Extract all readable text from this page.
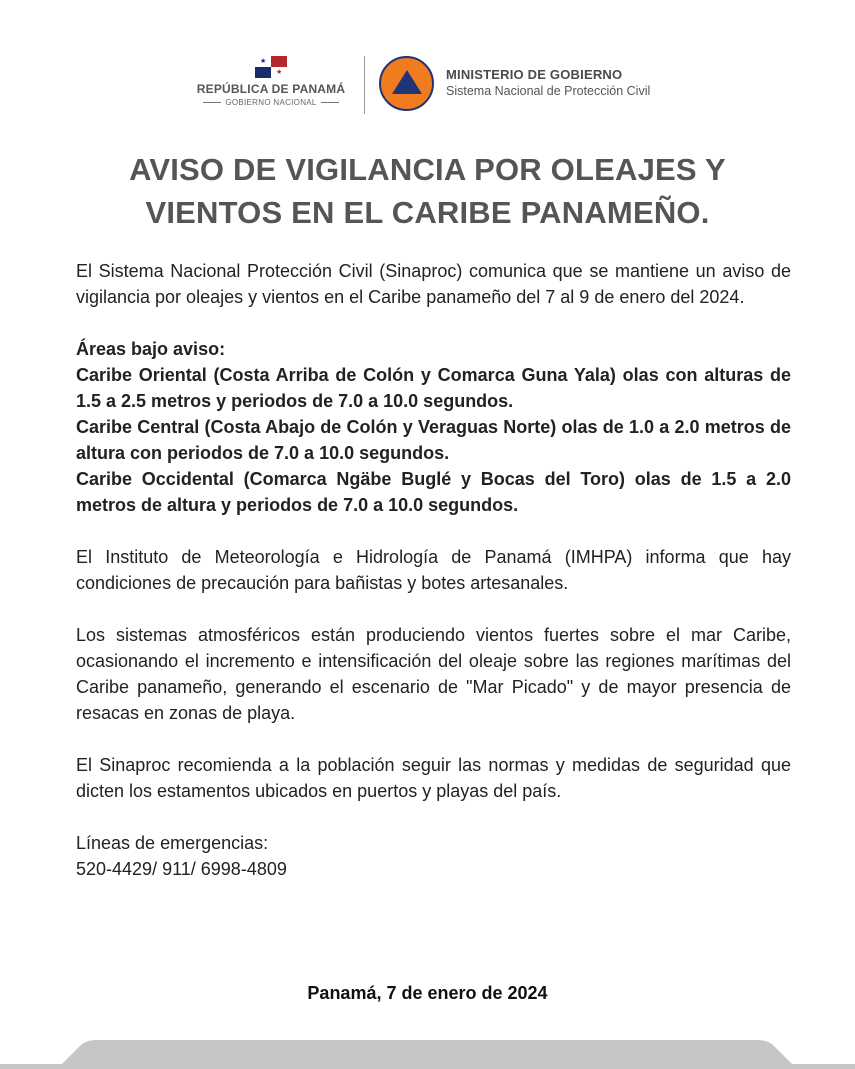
★
★
REPÚBLICA DE PANAMÁ
GOBIERNO NACIONAL
MINISTERIO DE GOBIERNO
Sistema Nacional de Protección Civil
AVISO DE VIGILANCIA POR OLEAJES Y
VIENTOS EN EL CARIBE PANAMEÑO.

El Sistema Nacional Protección Civil (Sinaproc) comunica que se mantiene un aviso de vigilancia por oleajes y vientos en el Caribe panameño del 7 al 9 de enero del 2024.

Áreas bajo aviso:

Caribe Oriental (Costa Arriba de Colón y Comarca Guna Yala) olas con alturas de 1.5 a 2.5 metros y periodos de 7.0 a 10.0 segundos.

Caribe Central (Costa Abajo de Colón y Veraguas Norte) olas de 1.0 a 2.0 metros de altura con periodos de 7.0 a 10.0 segundos.

Caribe Occidental (Comarca Ngäbe Buglé y Bocas del Toro) olas de 1.5 a 2.0 metros de altura y periodos de 7.0 a 10.0 segundos.

El Instituto de Meteorología e Hidrología de Panamá (IMHPA) informa que hay condiciones de precaución para bañistas y botes artesanales.

Los sistemas atmosféricos están produciendo vientos fuertes sobre el mar Caribe, ocasionando el incremento e intensificación del oleaje sobre las regiones marítimas del Caribe panameño, generando el escenario de "Mar Picado" y de mayor presencia de resacas en zonas de playa.

El Sinaproc recomienda a la población seguir las normas y medidas de seguridad que dicten los estamentos ubicados en puertos y playas del país.

Líneas de emergencias:

520-4429/ 911/ 6998-4809

Panamá, 7 de enero de 2024
